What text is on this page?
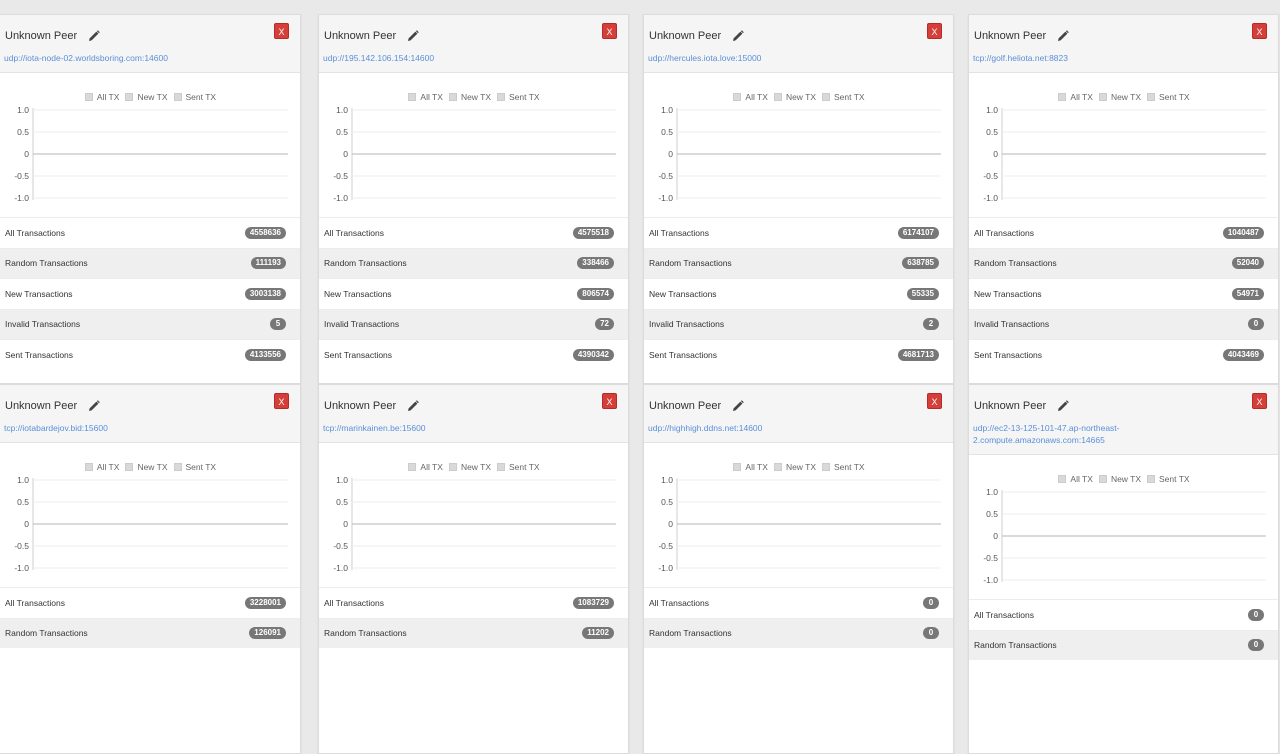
Unknown Peer
udp://iota-node-02.worldsboring.com:14600
X
All TX New TX Sent TX
1.0
0.5
0
-0.5
-1.0
All Transactions	4558636
Random Transactions	111193
New Transactions	3003138
Invalid Transactions	5
Sent Transactions	4133556
Unknown Peer
udp://195.142.106.154:14600
X
All TX New TX Sent TX
1.0
0.5
0
-0.5
-1.0
All Transactions	4575518
Random Transactions	338466
New Transactions	806574
Invalid Transactions	72
Sent Transactions	4390342
Unknown Peer
udp://hercules.iota.love:15000
X
All TX New TX Sent TX
1.0
0.5
0
-0.5
-1.0
All Transactions	6174107
Random Transactions	638785
New Transactions	55335
Invalid Transactions	2
Sent Transactions	4681713
Unknown Peer
tcp://golf.heliota.net:8823
X
All TX New TX Sent TX
1.0
0.5
0
-0.5
-1.0
All Transactions	1040487
Random Transactions	52040
New Transactions	54971
Invalid Transactions	0
Sent Transactions	4043469
Unknown Peer
tcp://iotabardejov.bid:15600
X
All TX New TX Sent TX
1.0
0.5
0
-0.5
-1.0
All Transactions	3228001
Random Transactions	126091
Unknown Peer
tcp://marinkainen.be:15600
X
All TX New TX Sent TX
1.0
0.5
0
-0.5
-1.0
All Transactions	1083729
Random Transactions	11202
Unknown Peer
udp://highhigh.ddns.net:14600
X
All TX New TX Sent TX
1.0
0.5
0
-0.5
-1.0
All Transactions	0
Random Transactions	0
Unknown Peer
udp://ec2-13-125-101-47.ap-northeast-2.compute.amazonaws.com:14665
X
All TX New TX Sent TX
1.0
0.5
0
-0.5
-1.0
All Transactions	0
Random Transactions	0
